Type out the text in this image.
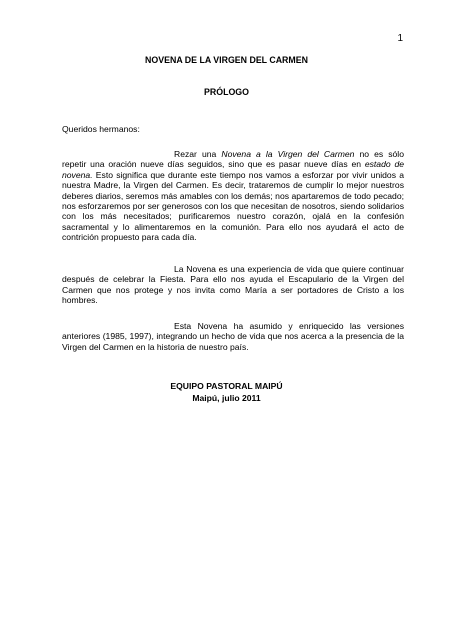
1
NOVENA DE LA VIRGEN DEL CARMEN
PRÓLOGO
Queridos hermanos:

Rezar una Novena a la Virgen del Carmen no es sólo repetir una oración nueve días seguidos, sino que es pasar nueve días en estado de novena. Esto significa que durante este tiempo nos vamos a esforzar por vivir unidos a nuestra Madre, la Virgen del Carmen. Es decir, trataremos de cumplir lo mejor nuestros deberes diarios, seremos más amables con los demás; nos apartaremos de todo pecado; nos esforzaremos por ser generosos con los que necesitan de nosotros, siendo solidarios con los más necesitados; purificaremos nuestro corazón, ojalá en la confesión sacramental y lo alimentaremos en la comunión. Para ello nos ayudará el acto de contrición propuesto para cada día.

La Novena es una experiencia de vida que quiere continuar después de celebrar la Fiesta. Para ello nos ayuda el Escapulario de la Virgen del Carmen que nos protege y nos invita como María a ser portadores de Cristo a los hombres.

Esta Novena ha asumido y enriquecido las versiones anteriores (1985, 1997), integrando un hecho de vida que nos acerca a la presencia de la Virgen del Carmen en la historia de nuestro país.

EQUIPO PASTORAL MAIPÚ
Maipú, julio 2011
